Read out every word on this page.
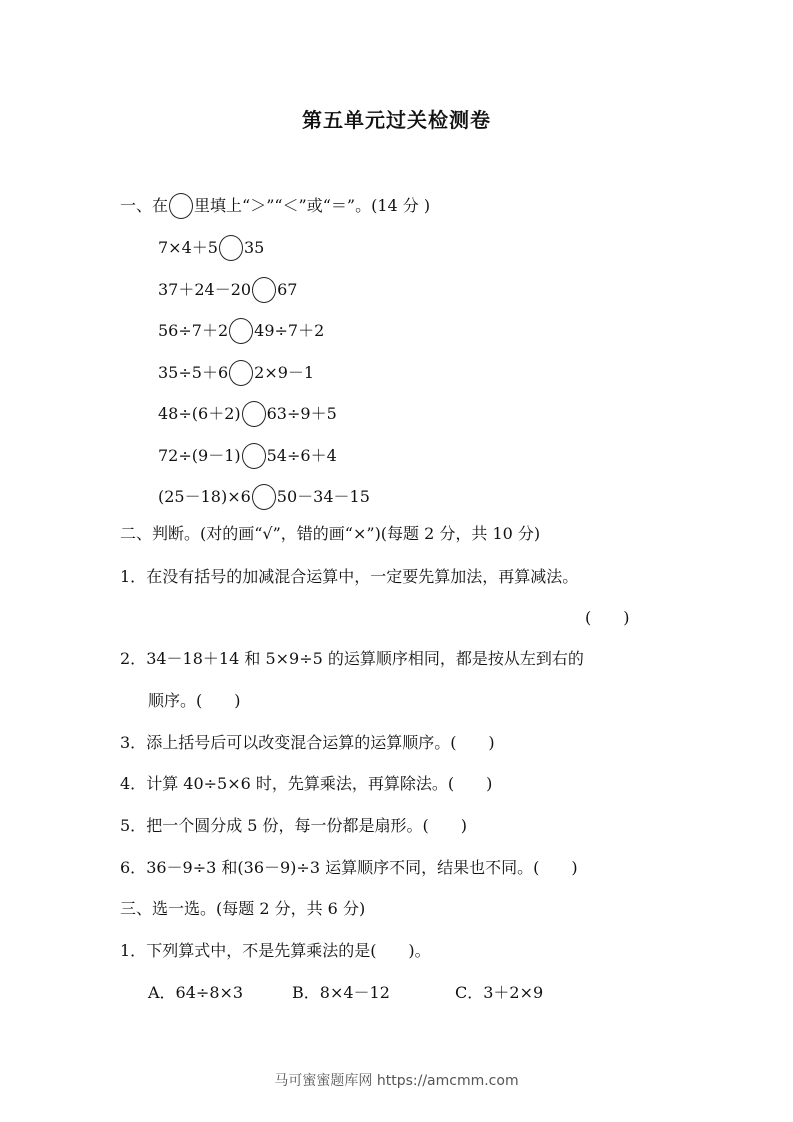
第五单元过关检测卷
一、在 里填上“＞”“＜”或“＝”。(14 分 )
7×4＋5 35
37＋24－20 67
56÷7＋2 49÷7＋2
35÷5＋6 2×9－1
48÷(6＋2) 63÷9＋5
72÷(9－1) 54÷6＋4
(25－18)×6 50－34－15
二、判断。(对的画“√”，错的画“×”)(每题 2 分，共 10 分)
1．在没有括号的加减混合运算中，一定要先算加法，再算减法。
(　　)
2．34－18＋14 和 5×9÷5 的运算顺序相同，都是按从左到右的
顺序。(　　)
3．添上括号后可以改变混合运算的运算顺序。(　　)
4．计算 40÷5×6 时，先算乘法，再算除法。(　　)
5．把一个圆分成 5 份，每一份都是扇形。(　　)
6．36－9÷3 和(36－9)÷3 运算顺序不同，结果也不同。(　　)
三、选一选。(每题 2 分，共 6 分)
1．下列算式中，不是先算乘法的是(　　)。
A．64÷8×3	B．8×4－12	C．3＋2×9
马可蜜蜜题库网 https://amcmm.com
